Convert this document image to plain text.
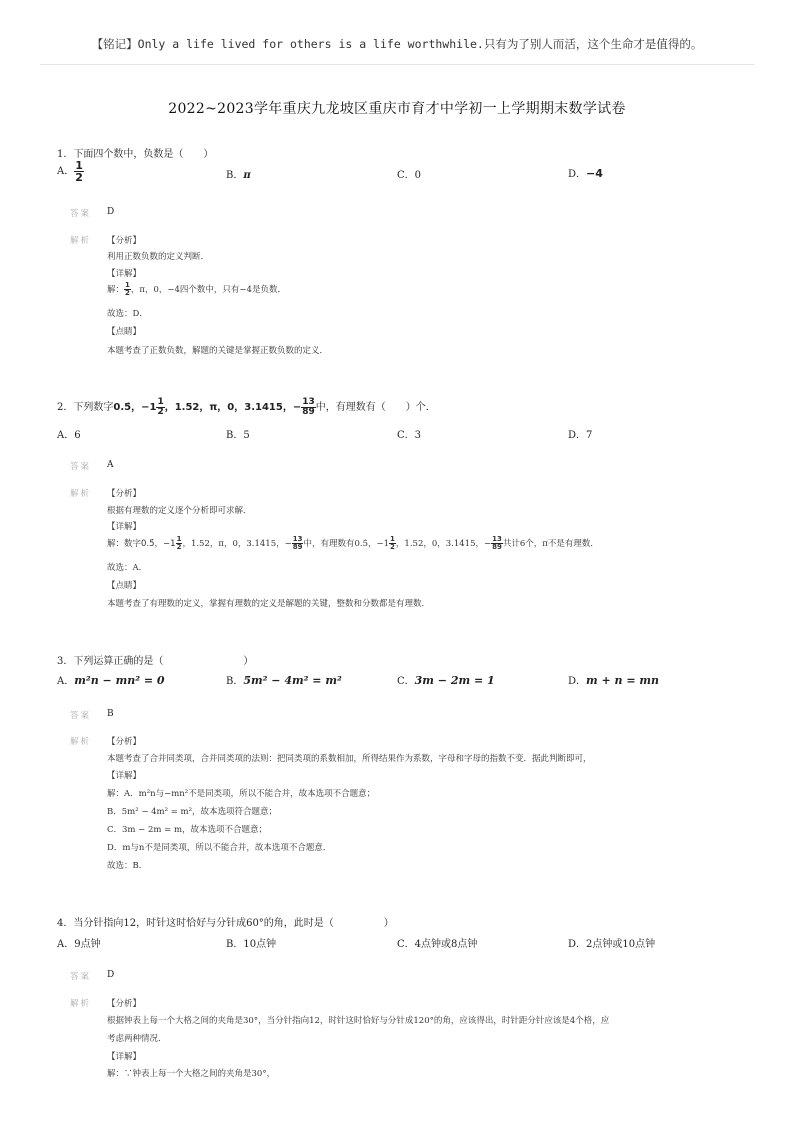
【铭记】Only a life lived for others is a life worthwhile.只有为了别人而活，这个生命才是值得的。
2022~2023学年重庆九龙坡区重庆市育才中学初一上学期期末数学试卷
1．下面四个数中，负数是（　　）
A． $\frac{1}{2}$	B．π	C．0	D．−4
答案 D
解析 【分析】
利用正数负数的定义判断．
【详解】
解： $\frac{1}{2}$ ，π，0，−4四个数中，只有−4是负数．
故选：D．
【点睛】
本题考查了正数负数，解题的关键是掌握正数负数的定义．
2．下列数字0.5̇，$-1 \frac{1}{2}$ ，1.52，π，0，3.1415，− $\frac{13}{89}$ 中，有理数有（　　）个．
A．6	B．5	C．3	D．7
答案 A
解析 【分析】
根据有理数的定义逐个分析即可求解．
【详解】
解：数字0.5̇，$-1 \frac{1}{2}$ ，1.52，π，0，3.1415，− $\frac{13}{89}$ 中，有理数有0.5̇，$-1 \frac{1}{2}$ ，1.52，0，3.1415，− $\frac{13}{89}$ 共计6个，π不是有理数．
故选：A．
【点睛】
本题考查了有理数的定义，掌握有理数的定义是解题的关键，整数和分数都是有理数．
3．下列运算正确的是（　　　　　　　　）
A．m²n − mn² = 0	B．5m² − 4m² = m²	C．3m − 2m = 1	D．m + n = mn
答案 B
解析 【分析】
本题考查了合并同类项，合并同类项的法则：把同类项的系数相加，所得结果作为系数，字母和字母的指数不变．据此判断即可，
【详解】
解：A．m²n与−mn²不是同类项，所以不能合并，故本选项不合题意；
B．5m² − 4m² = m²，故本选项符合题意；
C．3m − 2m = m，故本选项不合题意；
D．m与n不是同类项，所以不能合并，故本选项不合题意．
故选：B．
4．当分针指向12，时针这时恰好与分针成60°的角，此时是（　　　　　）
A．9点钟	B．10点钟	C．4点钟或8点钟	D．2点钟或10点钟
答案 D
解析 【分析】
根据钟表上每一个大格之间的夹角是30°，当分针指向12，时针这时恰好与分针成120°的角，应该得出，时针距分针应该是4个格，应
考虑两种情况．
【详解】
解：∵钟表上每一个大格之间的夹角是30°，
